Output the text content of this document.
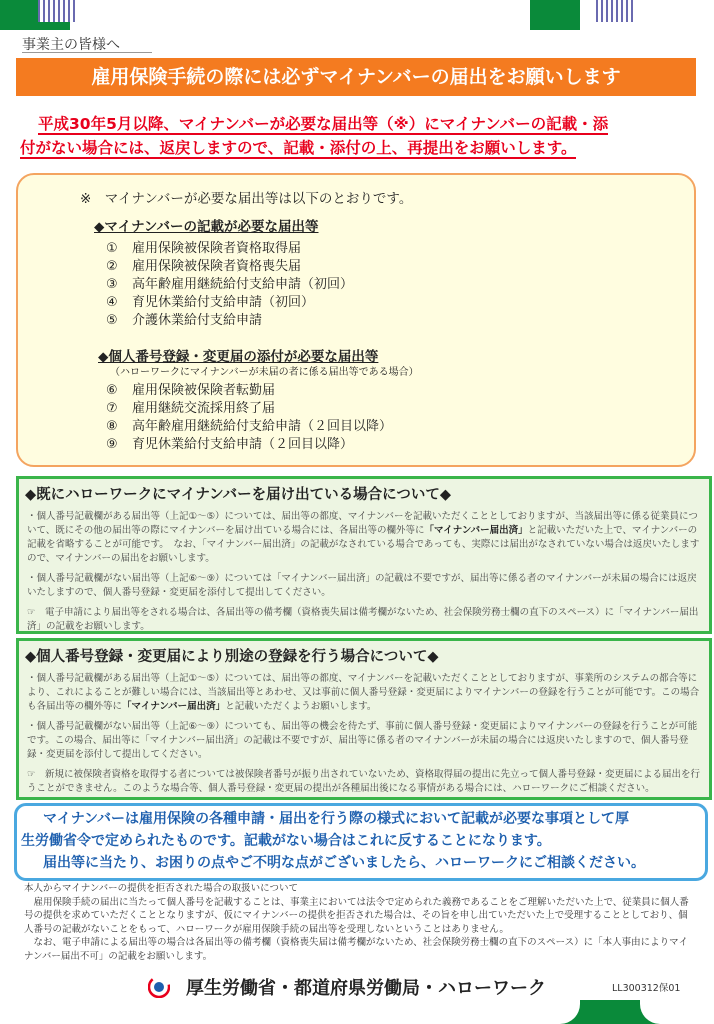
事業主の皆様へ
雇用保険手続の際には必ずマイナンバーの届出をお願いします
平成30年5月以降、マイナンバーが必要な届出等（※）にマイナンバーの記載・添
付がない場合には、返戻しますので、記載・添付の上、再提出をお願いします。
※　マイナンバーが必要な届出等は以下のとおりです。
◆マイナンバーの記載が必要な届出等
① 雇用保険被保険者資格取得届
② 雇用保険被保険者資格喪失届
③ 高年齢雇用継続給付支給申請（初回）
④ 育児休業給付支給申請（初回）
⑤ 介護休業給付支給申請
◆個人番号登録・変更届の添付が必要な届出等
（ハローワークにマイナンバーが未届の者に係る届出等である場合）
⑥ 雇用保険被保険者転勤届
⑦ 雇用継続交流採用終了届
⑧ 高年齢雇用継続給付支給申請（２回目以降）
⑨ 育児休業給付支給申請（２回目以降）
◆既にハローワークにマイナンバーを届け出ている場合について◆

・個人番号記載欄がある届出等（上記①～⑤）については、届出等の都度、マイナンバーを記載いただくこととしておりますが、当該届出等に係る従業員について、既にその他の届出等の際にマイナンバーを届け出ている場合には、各届出等の欄外等に「マイナンバー届出済」と記載いただいた上で、マイナンバーの記載を省略することが可能です。　なお、「マイナンバー届出済」の記載がなされている場合であっても、実際には届出がなされていない場合は返戻いたしますので、マイナンバーの届出をお願いします。

・個人番号記載欄がない届出等（上記⑥～⑨）については「マイナンバー届出済」の記載は不要ですが、届出等に係る者のマイナンバーが未届の場合には返戻いたしますので、個人番号登録・変更届を添付して提出してください。

☞　電子申請により届出等をされる場合は、各届出等の備考欄（資格喪失届は備考欄がないため、社会保険労務士欄の直下のスペース）に「マイナンバー届出済」の記載をお願いします。

◆個人番号登録・変更届により別途の登録を行う場合について◆

・個人番号記載欄がある届出等（上記①～⑤）については、届出等の都度、マイナンバーを記載いただくこととしておりますが、事業所のシステムの都合等により、これによることが難しい場合には、当該届出等とあわせ、又は事前に個人番号登録・変更届によりマイナンバーの登録を行うことが可能です。この場合も各届出等の欄外等に「マイナンバー届出済」と記載いただくようお願いします。

・個人番号記載欄がない届出等（上記⑥～⑨）についても、届出等の機会を待たず、事前に個人番号登録・変更届によりマイナンバーの登録を行うことが可能です。この場合、届出等に「マイナンバー届出済」の記載は不要ですが、届出等に係る者のマイナンバーが未届の場合には返戻いたしますので、個人番号登録・変更届を添付して提出してください。

☞　新規に被保険者資格を取得する者については被保険者番号が振り出されていないため、資格取得届の提出に先立って個人番号登録・変更届による届出を行うことができません。このような場合等、個人番号登録・変更届の提出が各種届出後になる事情がある場合には、ハローワークにご相談ください。

マイナンバーは雇用保険の各種申請・届出を行う際の様式において記載が必要な事項として厚
生労働省令で定められたものです。記載がない場合はこれに反することになります。
届出等に当たり、お困りの点やご不明な点がございましたら、ハローワークにご相談ください。
本人からマイナンバーの提供を拒否された場合の取扱いについて
雇用保険手続の届出に当たって個人番号を記載することは、事業主においては法令で定められた義務であることをご理解いただいた上で、従業員に個人番号の提供を求めていただくこととなりますが、仮にマイナンバーの提供を拒否された場合は、その旨を申し出ていただいた上で受理することとしており、個人番号の記載がないことをもって、ハローワークが雇用保険手続の届出等を受理しないということはありません。
なお、電子申請による届出等の場合は各届出等の備考欄（資格喪失届は備考欄がないため、社会保険労務士欄の直下のスペース）に「本人事由によりマイナンバー届出不可」の記載をお願いします。
厚生労働省・都道府県労働局・ハローワーク	LL300312保01
